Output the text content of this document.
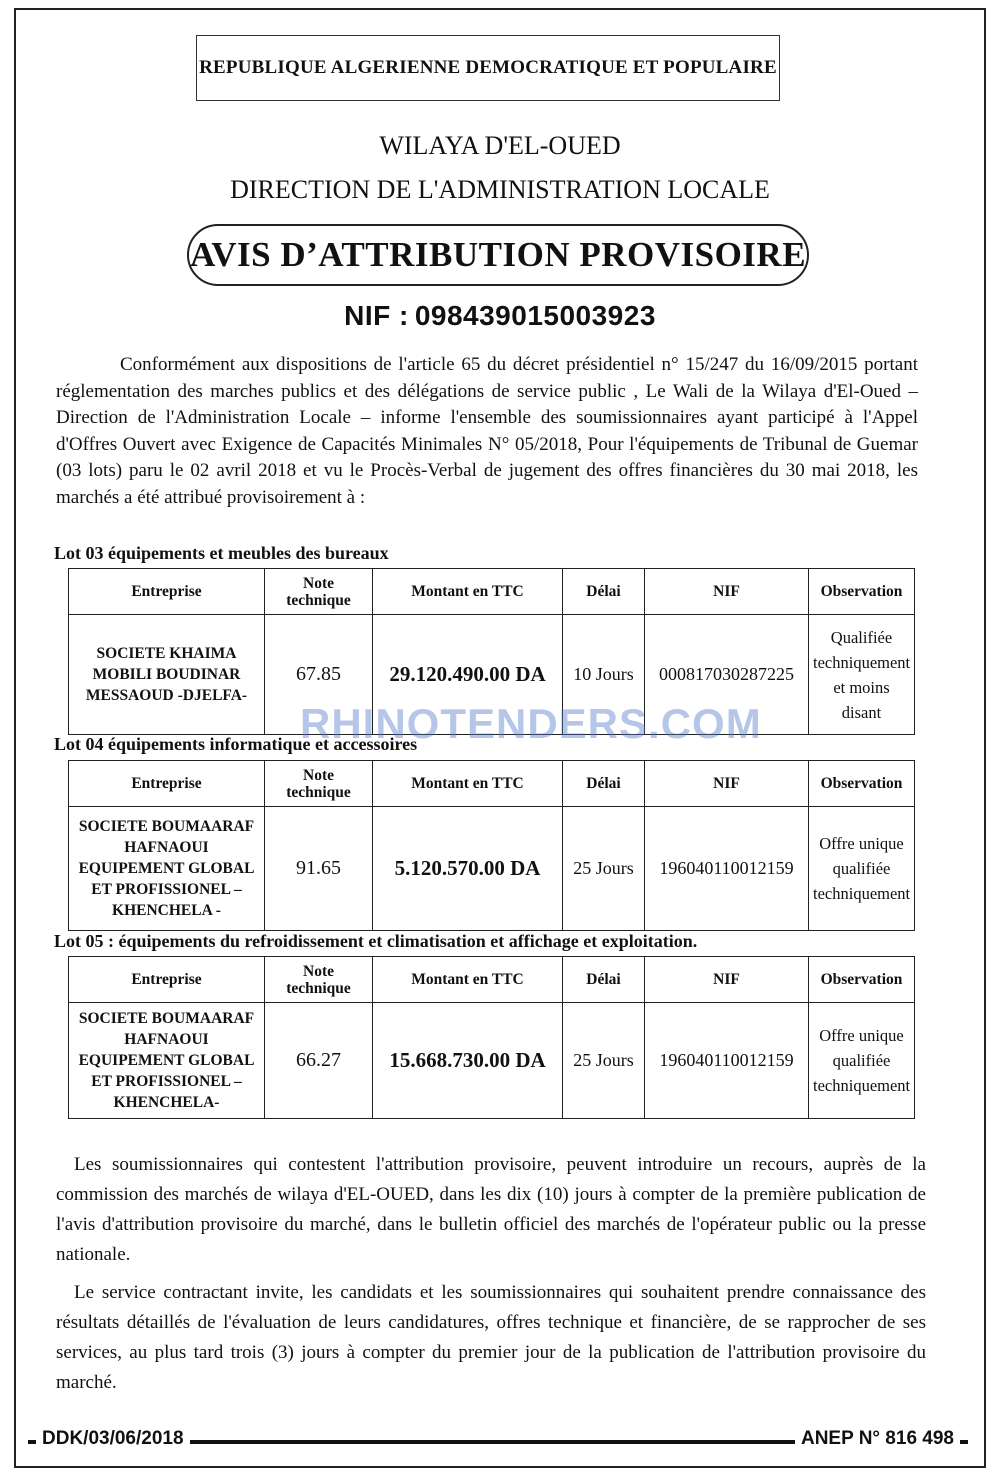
REPUBLIQUE ALGERIENNE DEMOCRATIQUE ET POPULAIRE
WILAYA D'EL-OUED
DIRECTION DE L'ADMINISTRATION LOCALE
AVIS D’ATTRIBUTION PROVISOIRE
NIF : 098439015003923
Conformément aux dispositions de l'article 65 du décret présidentiel n° 15/247 du 16/09/2015 portant réglementation des marches publics et des délégations de service public , Le Wali de la Wilaya d'El-Oued – Direction de l'Administration Locale – informe l'ensemble des soumissionnaires ayant participé à l'Appel d'Offres Ouvert avec Exigence de Capacités Minimales N° 05/2018, Pour l'équipements de Tribunal de Guemar (03 lots) paru le 02 avril 2018 et vu le Procès-Verbal de jugement des offres financières du 30 mai 2018, les marchés a été attribué provisoirement à :
Lot 03 équipements et meubles des bureaux
Entreprise	Note technique	Montant en TTC	Délai	NIF	Observation
SOCIETE KHAIMA MOBILI BOUDINAR MESSAOUD -DJELFA-	67.85	29.120.490.00 DA	10 Jours	000817030287225	Qualifiée techniquement et moins disant
Lot 04 équipements informatique et accessoires
Entreprise	Note technique	Montant en TTC	Délai	NIF	Observation
SOCIETE BOUMAARAF HAFNAOUI EQUIPEMENT GLOBAL ET PROFISSIONEL – KHENCHELA -	91.65	5.120.570.00 DA	25 Jours	196040110012159	Offre unique qualifiée techniquement
Lot 05 : équipements du refroidissement et climatisation et affichage et exploitation.
Entreprise	Note technique	Montant en TTC	Délai	NIF	Observation
SOCIETE BOUMAARAF HAFNAOUI EQUIPEMENT GLOBAL ET PROFISSIONEL – KHENCHELA-	66.27	15.668.730.00 DA	25 Jours	196040110012159	Offre unique qualifiée techniquement
RHINOTENDERS.COM
Les soumissionnaires qui contestent l'attribution provisoire, peuvent introduire un recours, auprès de la commission des marchés de wilaya d'EL-OUED, dans les dix (10) jours à compter de la première publication de l'avis d'attribution provisoire du marché, dans le bulletin officiel des marchés de l'opérateur public ou la presse nationale.
Le service contractant invite, les candidats et les soumissionnaires qui souhaitent prendre connaissance des résultats détaillés de l'évaluation de leurs candidatures, offres technique et financière, de se rapprocher de ses services, au plus tard trois (3) jours à compter du premier jour de la publication de l'attribution provisoire du marché.
DDK/03/06/2018	ANEP N° 816 498
